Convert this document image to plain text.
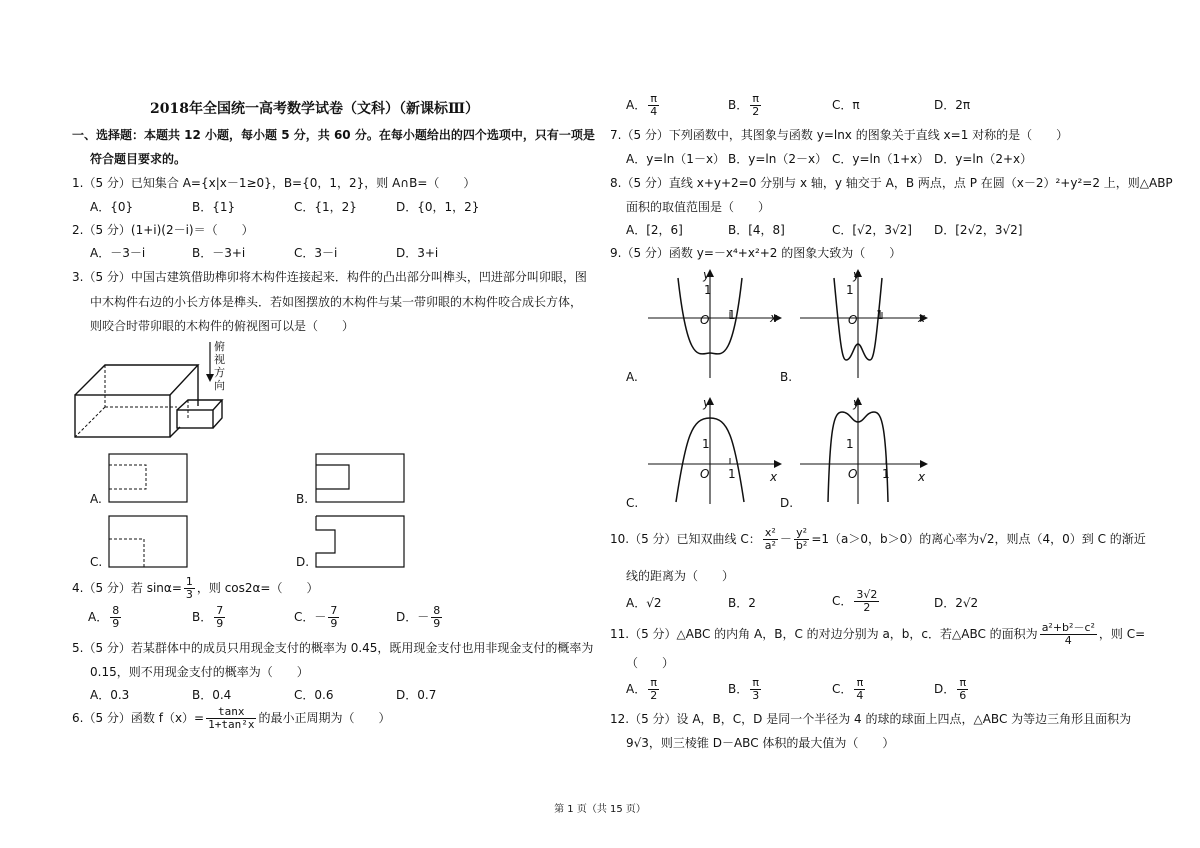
2018年全国统一高考数学试卷（文科）（新课标Ⅲ）
一、选择题：本题共 12 小题，每小题 5 分，共 60 分。在每小题给出的四个选项中，只有一项是
符合题目要求的。
1.（5 分）已知集合 A={x|x－1≥0}，B={0，1，2}，则 A∩B=（　　）
A．{0}	B．{1}	C．{1，2}	D．{0，1，2}
2.（5 分）(1+i)(2－i)＝（　　）
A．－3－i	B．－3+i	C．3－i	D．3+i
3.（5 分）中国古建筑借助榫卯将木构件连接起来．构件的凸出部分叫榫头，凹进部分叫卯眼，图
中木构件右边的小长方体是榫头．若如图摆放的木构件与某一带卯眼的木构件咬合成长方体，
则咬合时带卯眼的木构件的俯视图可以是（　　）
俯
视
方
向
A.	B.
C.	D.
4.（5 分）若 $\sin\alpha= \frac{1}{3}$ ，则 cos2α=（　　）
A． $\frac{8}{9}$	B． $\frac{7}{9}$	C．－ $\frac{7}{9}$	D．－ $\frac{8}{9}$
5.（5 分）若某群体中的成员只用现金支付的概率为 0.45，既用现金支付也用非现金支付的概率为
0.15，则不用现金支付的概率为（　　）
A．0.3	B．0.4	C．0.6	D．0.7
6.（5 分）函数 $f(x)= \frac{\tan x}{\text{1+tan²x}}$ 的最小正周期为（　　）
A． $\frac{\pi}{4}$	B． $\frac{\pi}{2}$	C．π	D．2π
7.（5 分）下列函数中，其图象与函数 y=lnx 的图象关于直线 x=1 对称的是（　　）
A．y=ln（1－x） B．y=ln（2－x） C．y=ln（1+x） D．y=ln（2+x）
8.（5 分）直线 x+y+2=0 分别与 x 轴，y 轴交于 A，B 两点，点 P 在圆（x－2）²+y²=2 上，则△ABP
面积的取值范围是（　　）
A．[2，6]	B．[4，8]	C．[√2，3√2] D．[2√2，3√2]
9.（5 分）函数 y=－x⁴+x²+2 的图象大致为（　　）
y
1
O 1	x
A.
y
1
O 1	x
B.
y
1
O 1	x
C.
y
1
O 1 x
D.
10.（5 分）已知双曲线 C： $\frac{\text{x²}}{\text{a²}} - \frac{\text{y²}}{\text{b²}} =1(a>0$，b＞0）的离心率为√2，则点（4，0）到 C 的渐近
线的距离为（　　）
A．√2	B．2	C． $\frac{3√2}{2}$	D．2√2
11.（5 分）△ABC 的内角 A，B，C 的对边分别为 a，b，c．若△ABC 的面积为 $\frac{\text{a²+b²－c²}}{4}$ ，则 C=
（　　）
A． $\frac{\pi}{2}$	B． $\frac{\pi}{3}$	C． $\frac{\pi}{4}$	D． $\frac{\pi}{6}$
12.（5 分）设 A，B，C，D 是同一个半径为 4 的球的球面上四点，△ABC 为等边三角形且面积为
9√3，则三棱锥 D－ABC 体积的最大值为（　　）
第 1 页（共 15 页）
